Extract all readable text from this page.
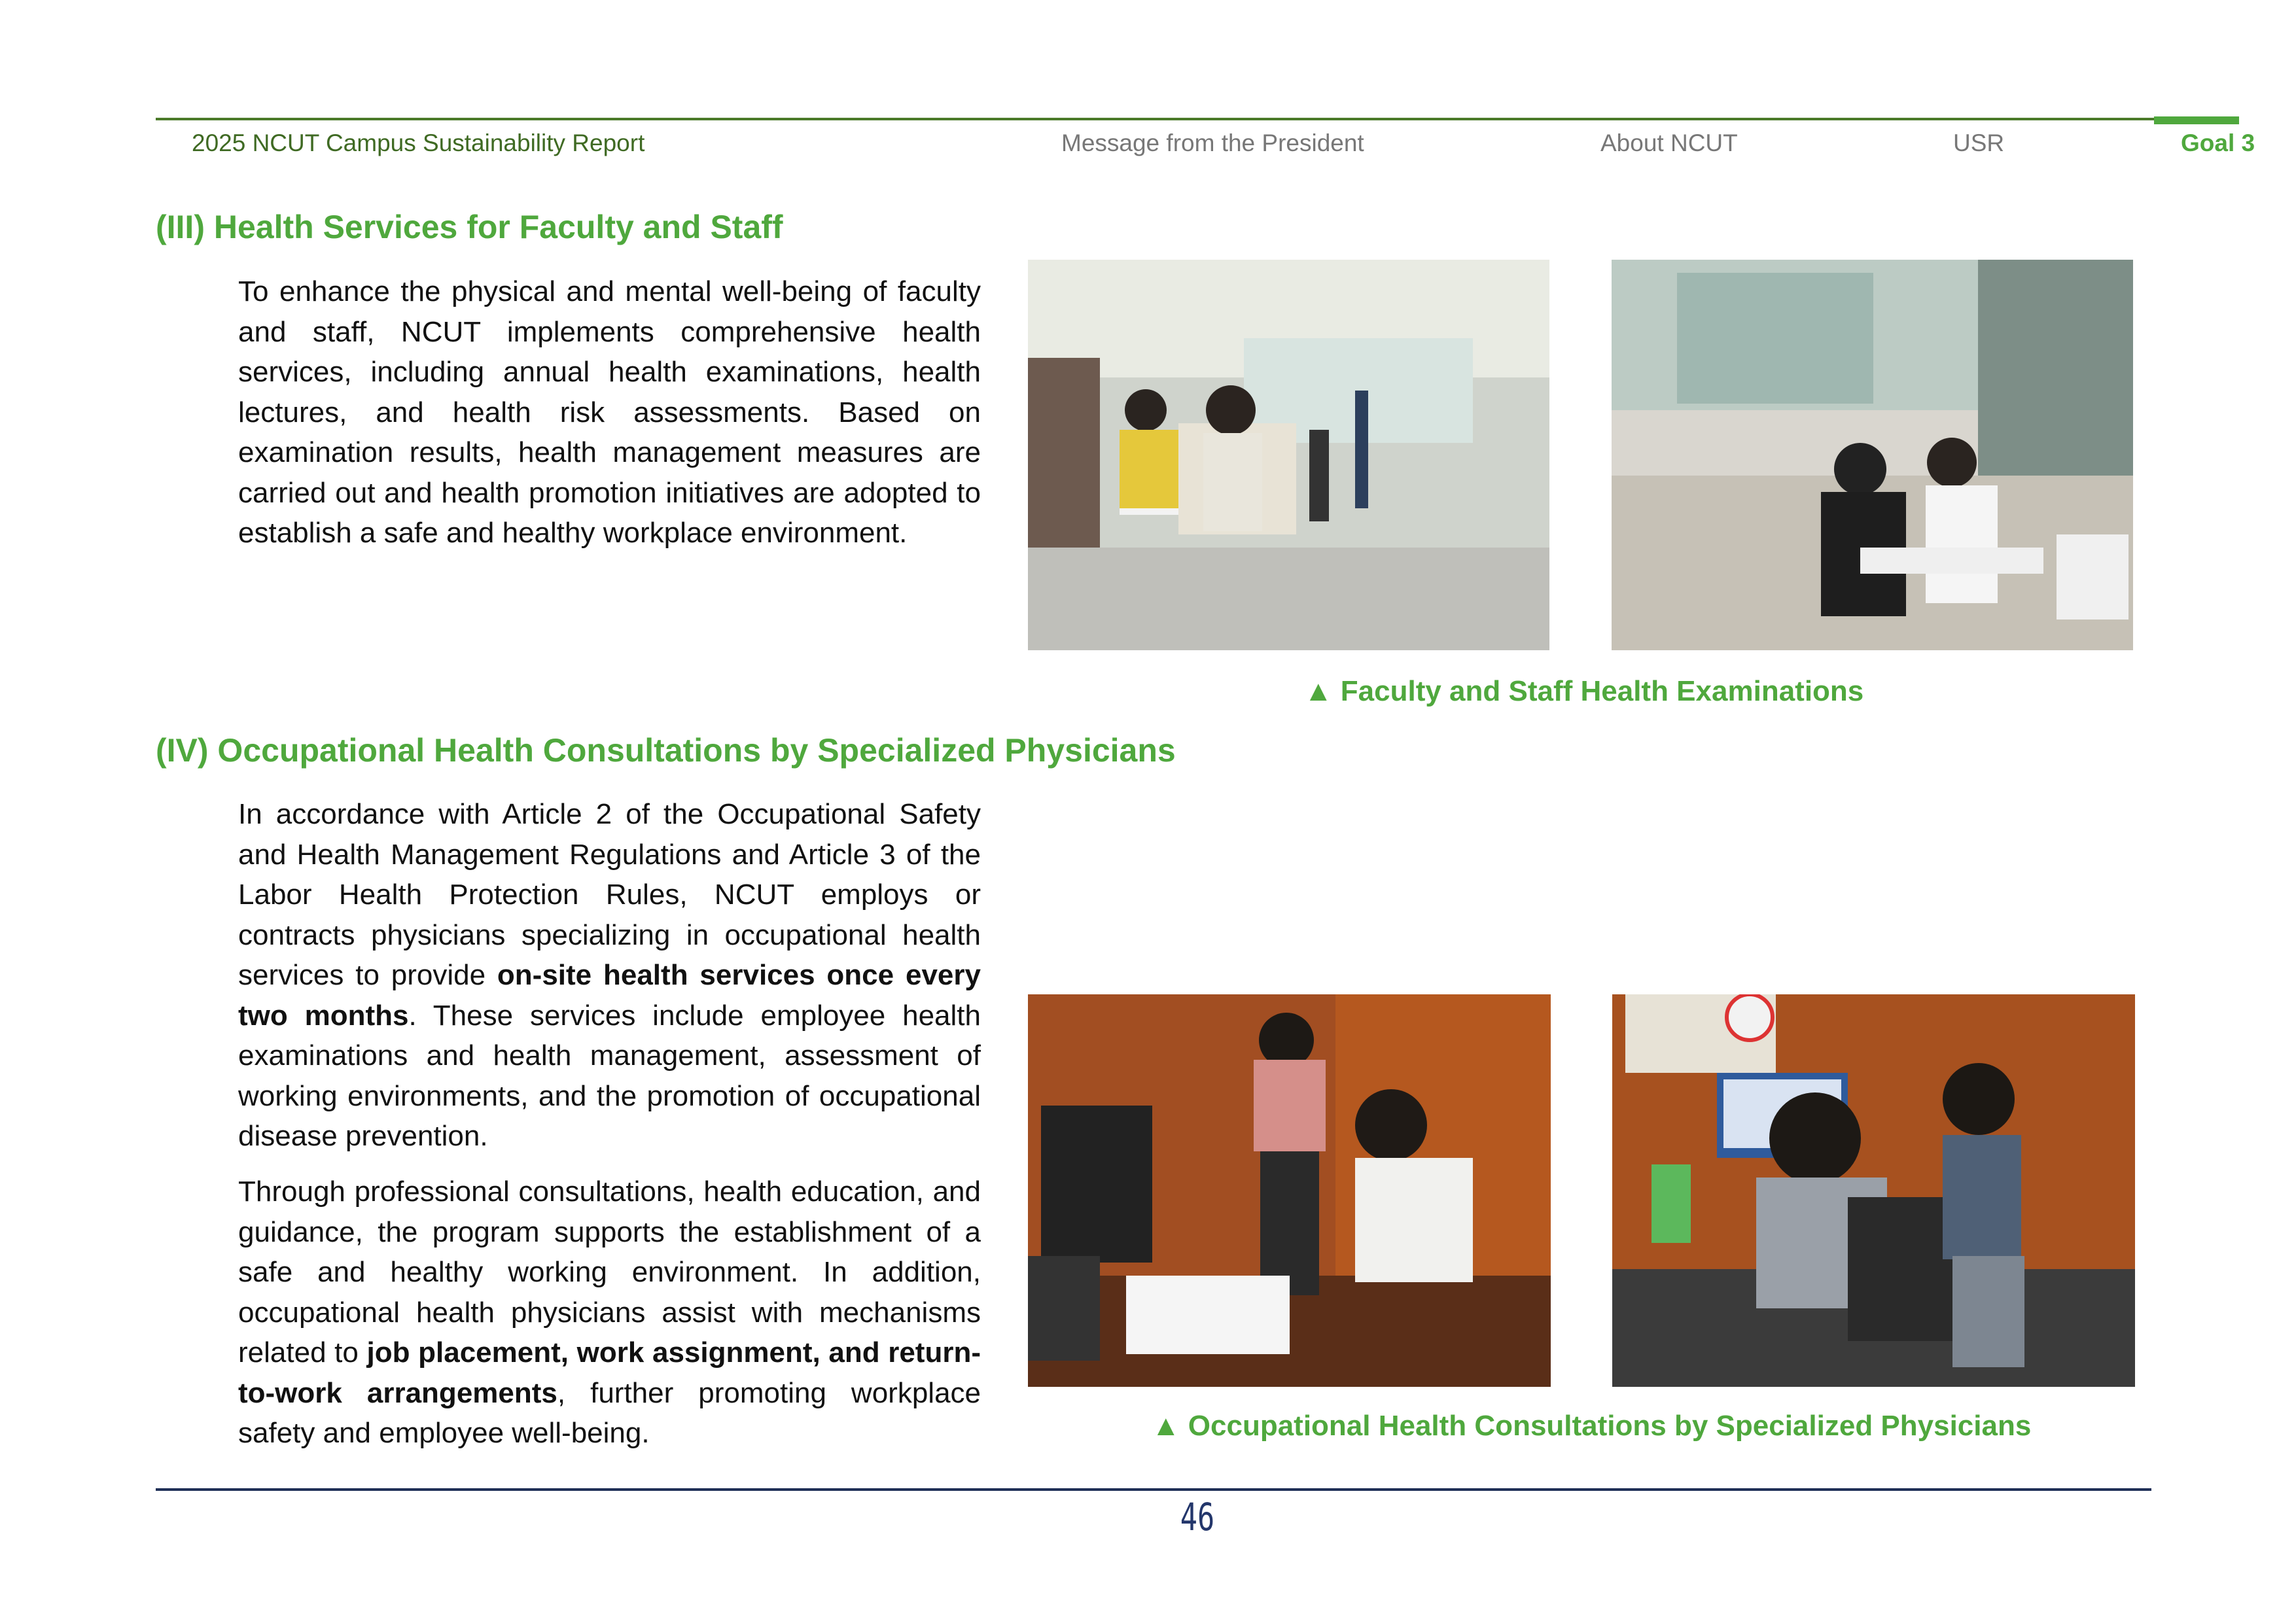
2025 NCUT Campus Sustainability Report	Message from the President	About NCUT	USR	Goal 3
(III) Health Services for Faculty and Staff
To enhance the physical and mental well-being of faculty and staff, NCUT implements comprehensive health services, including annual health examinations, health lectures, and health risk assessments. Based on examination results, health management measures are carried out and health promotion initiatives are adopted to establish a safe and healthy workplace environment.
▲ Faculty and Staff Health Examinations
(IV) Occupational Health Consultations by Specialized Physicians
In accordance with Article 2 of the Occupational Safety and Health Management Regulations and Article 3 of the Labor Health Protection Rules, NCUT employs or contracts physicians specializing in occupational health services to provide on-site health services once every two months. These services include employee health examinations and health management, assessment of working environments, and the promotion of occupational disease prevention.
Through professional consultations, health education, and guidance, the program supports the establishment of a safe and healthy working environment. In addition, occupational health physicians assist with mechanisms related to job placement, work assignment, and return-to-work arrangements, further promoting workplace safety and employee well-being.	▲ Occupational Health Consultations by Specialized Physicians
46
